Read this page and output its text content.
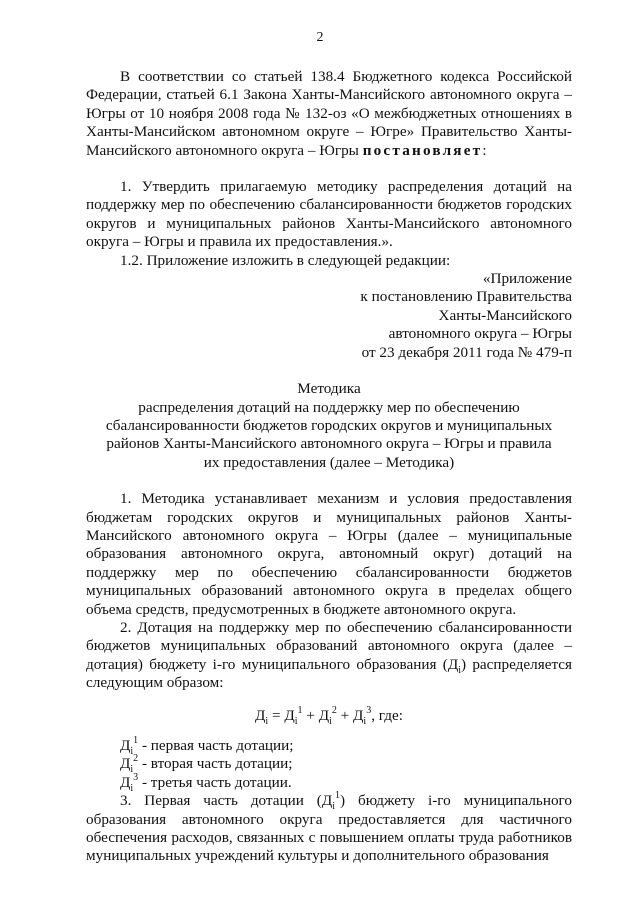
2

В соответствии со статьей 138.4 Бюджетного кодекса Российской Федерации, статьей 6.1 Закона Ханты-Мансийского автономного округа – Югры от 10 ноября 2008 года № 132-оз «О межбюджетных отношениях в Ханты-Мансийском автономном округе – Югре» Правительство Ханты-Мансийского автономного округа – Югры постановляет:

1. Утвердить прилагаемую методику распределения дотаций на поддержку мер по обеспечению сбалансированности бюджетов городских округов и муниципальных районов Ханты-Мансийского автономного округа – Югры и правила их предоставления.».

1.2. Приложение изложить в следующей редакции:

«Приложение

к постановлению Правительства

Ханты-Мансийского

автономного округа – Югры

от 23 декабря 2011 года № 479-п

Методика

распределения дотаций на поддержку мер по обеспечению

сбалансированности бюджетов городских округов и муниципальных

районов Ханты-Мансийского автономного округа – Югры и правила

их предоставления (далее – Методика)

1. Методика устанавливает механизм и условия предоставления бюджетам городских округов и муниципальных районов Ханты-Мансийского автономного округа – Югры (далее – муниципальные образования автономного округа, автономный округ) дотаций на поддержку мер по обеспечению сбалансированности бюджетов муниципальных образований автономного округа в пределах общего объема средств, предусмотренных в бюджете автономного округа.

2. Дотация на поддержку мер по обеспечению сбалансированности бюджетов муниципальных образований автономного округа (далее – дотация) бюджету i-го муниципального образования $(Д_i)$ распределяется следующим образом:

$Д_i = Д_i^1 + Д_i^2 + Д_i^3$, где:

$Д_i^1$ - первая часть дотации;

$Д_i^2$ - вторая часть дотации;

$Д_i^3$ - третья часть дотации.

3. Первая часть дотации $(Д_i^1)$ бюджету i-го муниципального образования автономного округа предоставляется для частичного обеспечения расходов, связанных с повышением оплаты труда работников муниципальных учреждений культуры и дополнительного образования
